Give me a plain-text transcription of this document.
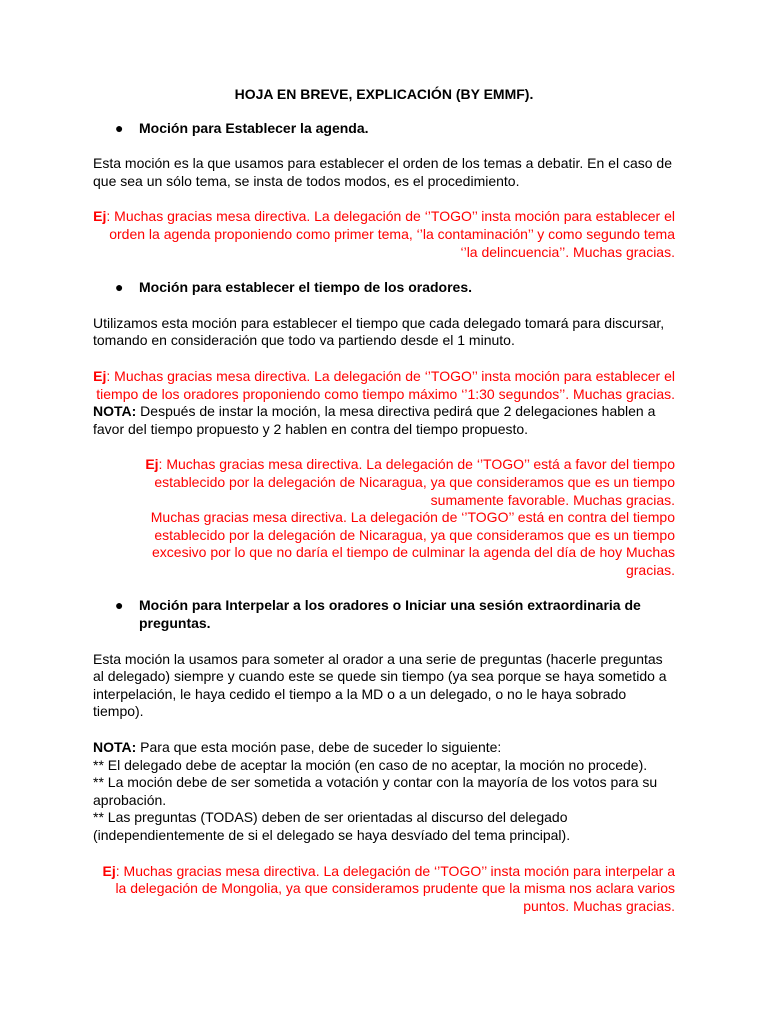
HOJA EN BREVE, EXPLICACIÓN (BY EMMF).
● Moción para Establecer la agenda.

Esta moción es la que usamos para establecer el orden de los temas a debatir. En el caso de que sea un sólo tema, se insta de todos modos, es el procedimiento.

Ej: Muchas gracias mesa directiva. La delegación de ‘’TOGO’’ insta moción para establecer el orden la agenda proponiendo como primer tema, ‘’la contaminación’’ y como segundo tema ‘’la delincuencia’’. Muchas gracias.

● Moción para establecer el tiempo de los oradores.

Utilizamos esta moción para establecer el tiempo que cada delegado tomará para discursar, tomando en consideración que todo va partiendo desde el 1 minuto.

Ej: Muchas gracias mesa directiva. La delegación de ‘’TOGO’’ insta moción para establecer el tiempo de los oradores proponiendo como tiempo máximo ‘’1:30 segundos’’. Muchas gracias.

NOTA: Después de instar la moción, la mesa directiva pedirá que 2 delegaciones hablen a favor del tiempo propuesto y 2 hablen en contra del tiempo propuesto.

Ej: Muchas gracias mesa directiva. La delegación de ‘’TOGO’’ está a favor del tiempo establecido por la delegación de Nicaragua, ya que consideramos que es un tiempo sumamente favorable. Muchas gracias.

Muchas gracias mesa directiva. La delegación de ‘’TOGO’’ está en contra del tiempo establecido por la delegación de Nicaragua, ya que consideramos que es un tiempo excesivo por lo que no daría el tiempo de culminar la agenda del día de hoy Muchas gracias.

● Moción para Interpelar a los oradores o Iniciar una sesión extraordinaria de preguntas.

Esta moción la usamos para someter al orador a una serie de preguntas (hacerle preguntas al delegado) siempre y cuando este se quede sin tiempo (ya sea porque se haya sometido a interpelación, le haya cedido el tiempo a la MD o a un delegado, o no le haya sobrado tiempo).

NOTA: Para que esta moción pase, debe de suceder lo siguiente:

** El delegado debe de aceptar la moción (en caso de no aceptar, la moción no procede).

** La moción debe de ser sometida a votación y contar con la mayoría de los votos para su aprobación.

** Las preguntas (TODAS) deben de ser orientadas al discurso del delegado (independientemente de si el delegado se haya desvíado del tema principal).

Ej: Muchas gracias mesa directiva. La delegación de ‘’TOGO’’ insta moción para interpelar a la delegación de Mongolia, ya que consideramos prudente que la misma nos aclara varios puntos. Muchas gracias.
